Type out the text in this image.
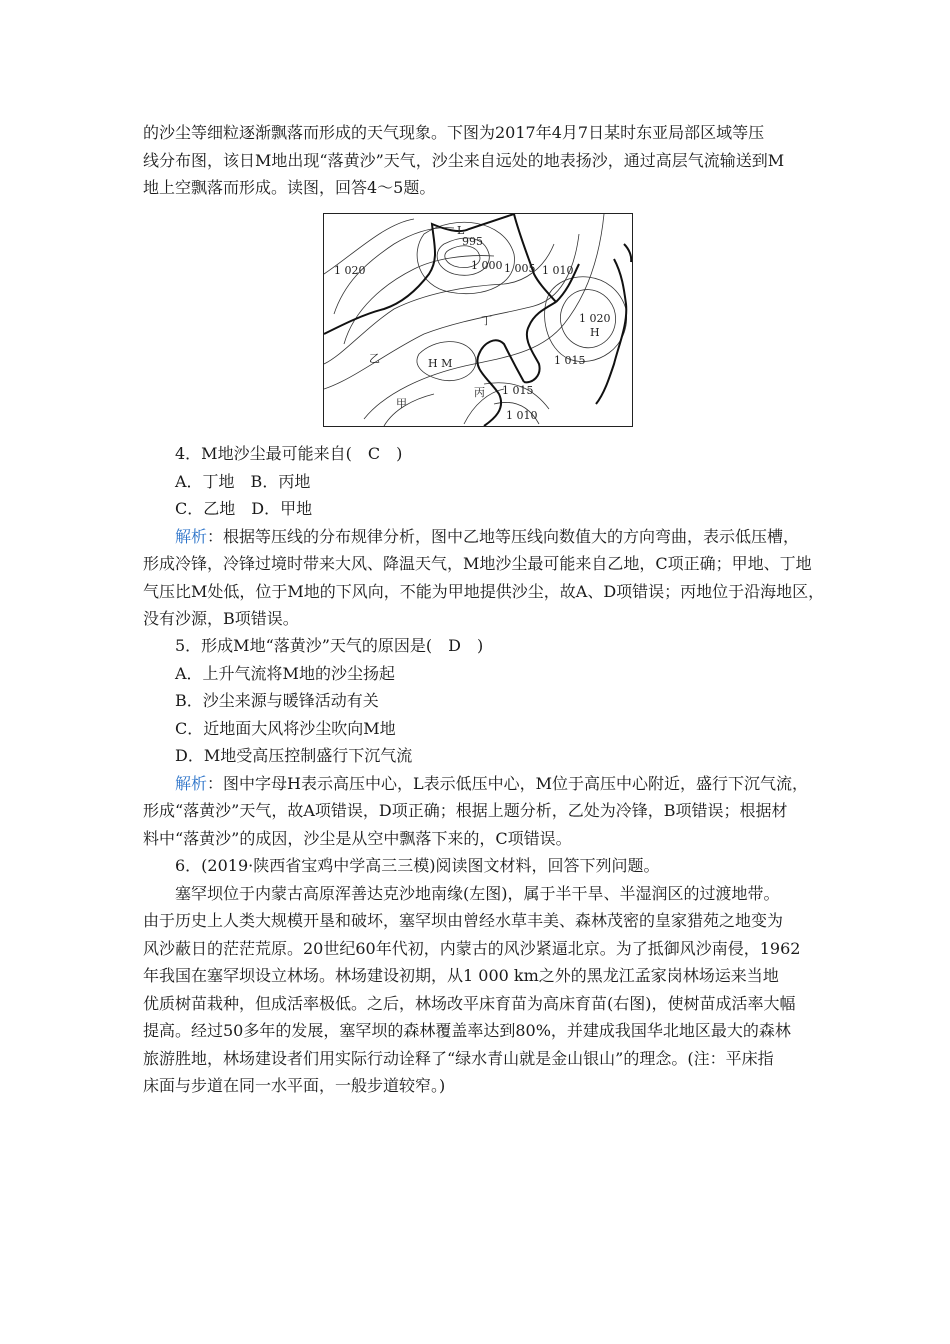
的沙尘等细粒逐渐飘落而形成的天气现象。下图为2017年4月7日某时东亚局部区域等压
线分布图，该日M地出现“落黄沙”天气，沙尘来自远处的地表扬沙，通过高层气流输送到M
地上空飘落而形成。读图，回答4～5题。
L
995
1 000 1 005 1 010
1 020
丁	1 020
H
乙	H M	1 015
丙 1 015
1 010
甲
4．M地沙尘最可能来自(　C　)
A．丁地　B．丙地
C．乙地　D．甲地
解析：根据等压线的分布规律分析，图中乙地等压线向数值大的方向弯曲，表示低压槽，
形成冷锋，冷锋过境时带来大风、降温天气，M地沙尘最可能来自乙地，C项正确；甲地、丁地
气压比M处低，位于M地的下风向，不能为甲地提供沙尘，故A、D项错误；丙地位于沿海地区，
没有沙源，B项错误。
5．形成M地“落黄沙”天气的原因是(　D　)
A．上升气流将M地的沙尘扬起
B．沙尘来源与暖锋活动有关
C．近地面大风将沙尘吹向M地
D．M地受高压控制盛行下沉气流
解析：图中字母H表示高压中心，L表示低压中心，M位于高压中心附近，盛行下沉气流，
形成“落黄沙”天气，故A项错误，D项正确；根据上题分析，乙处为冷锋，B项错误；根据材
料中“落黄沙”的成因，沙尘是从空中飘落下来的，C项错误。
6．(2019·陕西省宝鸡中学高三三模)阅读图文材料，回答下列问题。
塞罕坝位于内蒙古高原浑善达克沙地南缘(左图)，属于半干旱、半湿润区的过渡地带。
由于历史上人类大规模开垦和破坏，塞罕坝由曾经水草丰美、森林茂密的皇家猎苑之地变为
风沙蔽日的茫茫荒原。20世纪60年代初，内蒙古的风沙紧逼北京。为了抵御风沙南侵，1962
年我国在塞罕坝设立林场。林场建设初期，从1 000 km之外的黑龙江孟家岗林场运来当地
优质树苗栽种，但成活率极低。之后，林场改平床育苗为高床育苗(右图)，使树苗成活率大幅
提高。经过50多年的发展，塞罕坝的森林覆盖率达到80%，并建成我国华北地区最大的森林
旅游胜地，林场建设者们用实际行动诠释了“绿水青山就是金山银山”的理念。(注：平床指
床面与步道在同一水平面，一般步道较窄。)
